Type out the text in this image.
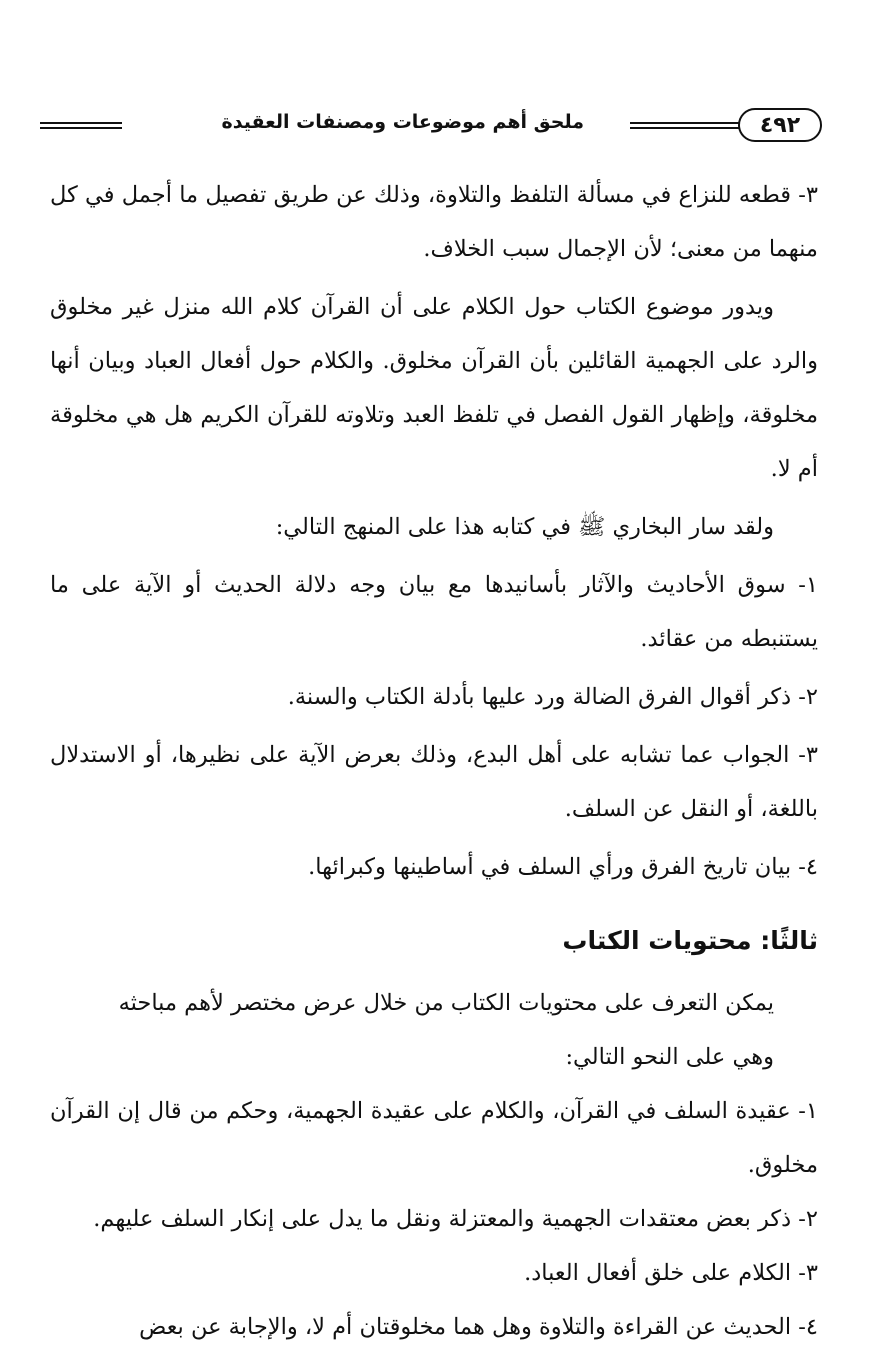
٤٩٢
ملحق أهم موضوعات ومصنفات العقيدة

٣- قطعه للنزاع في مسألة التلفظ والتلاوة، وذلك عن طريق تفصيل ما أجمل في كل منهما من معنى؛ لأن الإجمال سبب الخلاف.

ويدور موضوع الكتاب حول الكلام على أن القرآن كلام الله منزل غير مخلوق والرد على الجهمية القائلين بأن القرآن مخلوق. والكلام حول أفعال العباد وبيان أنها مخلوقة، وإظهار القول الفصل في تلفظ العبد وتلاوته للقرآن الكريم هل هي مخلوقة أم لا.

ولقد سار البخاري ﷺ في كتابه هذا على المنهج التالي:

١- سوق الأحاديث والآثار بأسانيدها مع بيان وجه دلالة الحديث أو الآية على ما يستنبطه من عقائد.

٢- ذكر أقوال الفرق الضالة ورد عليها بأدلة الكتاب والسنة.

٣- الجواب عما تشابه على أهل البدع، وذلك بعرض الآية على نظيرها، أو الاستدلال باللغة، أو النقل عن السلف.

٤- بيان تاريخ الفرق ورأي السلف في أساطينها وكبرائها.

ثالثًا: محتويات الكتاب

يمكن التعرف على محتويات الكتاب من خلال عرض مختصر لأهم مباحثه

وهي على النحو التالي:

١- عقيدة السلف في القرآن، والكلام على عقيدة الجهمية، وحكم من قال إن القرآن مخلوق.

٢- ذكر بعض معتقدات الجهمية والمعتزلة ونقل ما يدل على إنكار السلف عليهم.

٣- الكلام على خلق أفعال العباد.

٤- الحديث عن القراءة والتلاوة وهل هما مخلوقتان أم لا، والإجابة عن بعض
